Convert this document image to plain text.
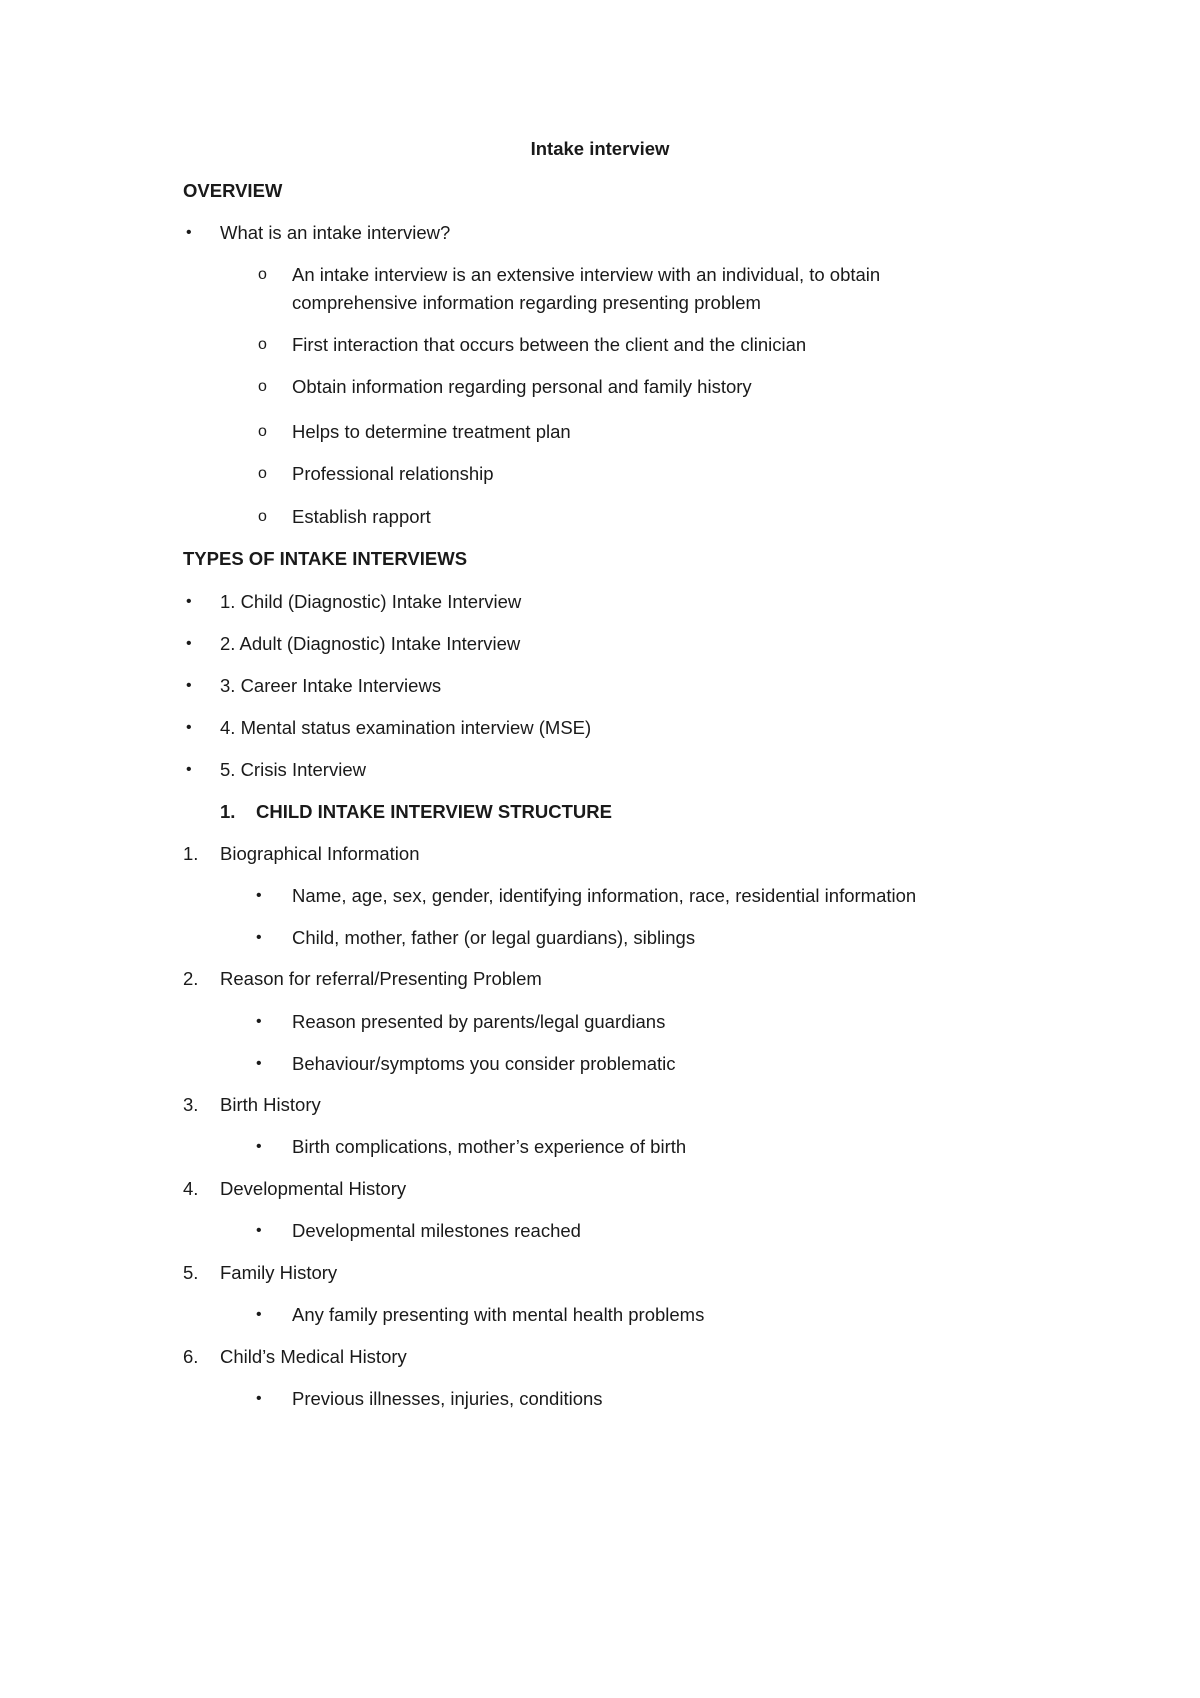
Intake interview
OVERVIEW
• What is an intake interview?
o An intake interview is an extensive interview with an individual, to obtain
comprehensive information regarding presenting problem
o First interaction that occurs between the client and the clinician
o Obtain information regarding personal and family history
o Helps to determine treatment plan
o Professional relationship
o Establish rapport
TYPES OF INTAKE INTERVIEWS
• 1. Child (Diagnostic) Intake Interview
• 2. Adult (Diagnostic) Intake Interview
• 3. Career Intake Interviews
• 4. Mental status examination interview (MSE)
• 5. Crisis Interview
1. CHILD INTAKE INTERVIEW STRUCTURE
1. Biographical Information
• Name, age, sex, gender, identifying information, race, residential information
• Child, mother, father (or legal guardians), siblings
2. Reason for referral/Presenting Problem
• Reason presented by parents/legal guardians
• Behaviour/symptoms you consider problematic
3. Birth History
• Birth complications, mother’s experience of birth
4. Developmental History
• Developmental milestones reached
5. Family History
• Any family presenting with mental health problems
6. Child’s Medical History
• Previous illnesses, injuries, conditions
